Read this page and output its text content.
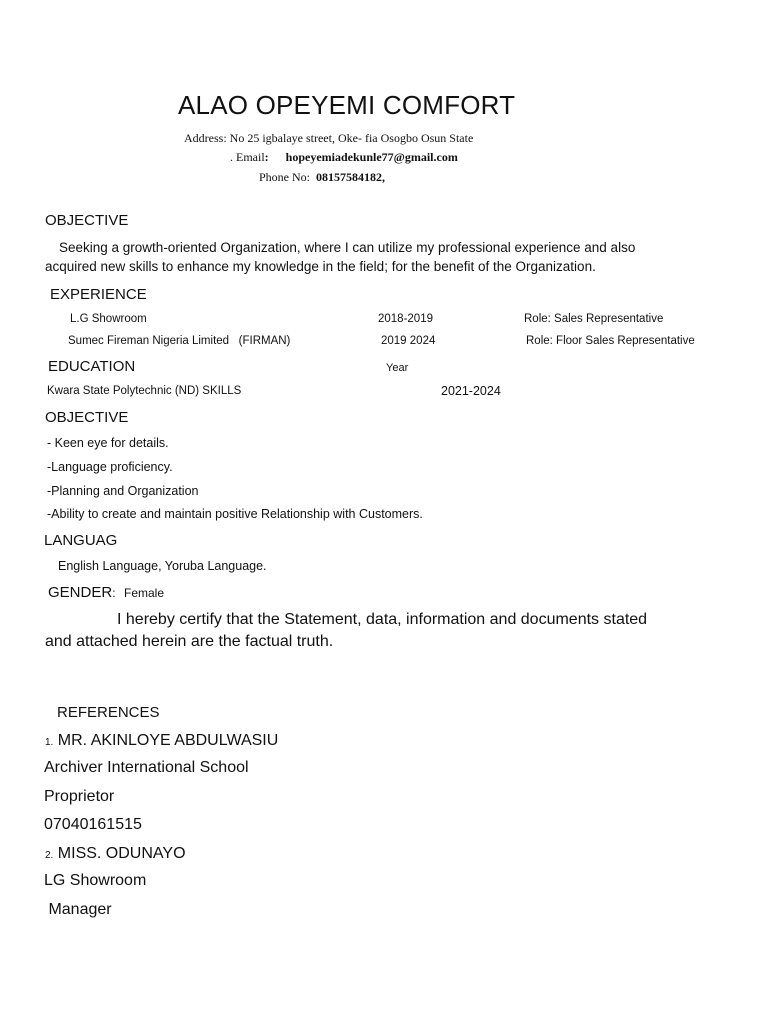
ALAO OPEYEMI COMFORT
Address: No 25 igbalaye street, Oke- fia Osogbo Osun State
. Email: hopeyemiadekunle77@gmail.com
Phone No: 08157584182,
OBJECTIVE
Seeking a growth-oriented Organization, where I can utilize my professional experience and also
acquired new skills to enhance my knowledge in the field; for the benefit of the Organization.
EXPERIENCE
L.G Showroom	2018-2019	Role: Sales Representative
Sumec Fireman Nigeria Limited   (FIRMAN)	2019 2024	Role: Floor Sales Representative
EDUCATION	Year
Kwara State Polytechnic (ND) SKILLS	2021-2024
OBJECTIVE
- Keen eye for details.
-Language proficiency.
-Planning and Organization
-Ability to create and maintain positive Relationship with Customers.
LANGUAG
English Language, Yoruba Language.
GENDER: Female
I hereby certify that the Statement, data, information and documents stated
and attached herein are the factual truth.
REFERENCES
1. MR. AKINLOYE ABDULWASIU
Archiver International School
Proprietor
07040161515
2. MISS. ODUNAYO
LG Showroom
Manager
